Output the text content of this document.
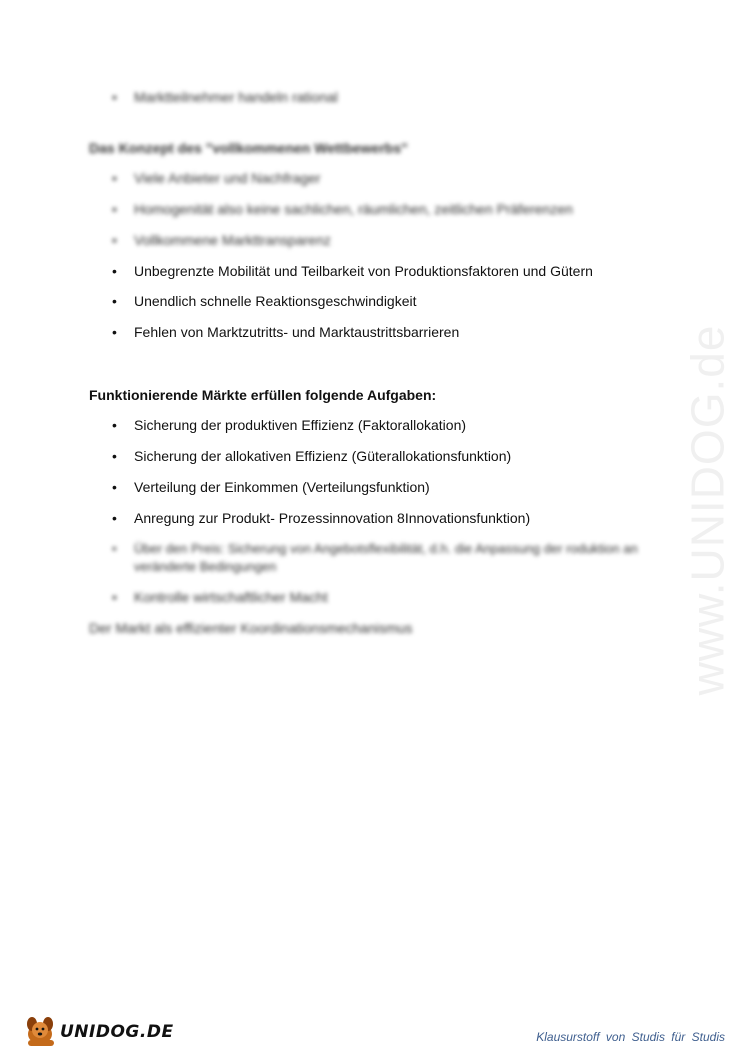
•	Marktteilnehmer handeln rational
Das Konzept des "vollkommenen Wettbewerbs"
•	Viele Anbieter und Nachfrager
•	Homogenität also keine sachlichen, räumlichen, zeitlichen Präferenzen
•	Vollkommene Markttransparenz
•	Unbegrenzte Mobilität und Teilbarkeit von Produktionsfaktoren und Gütern
•	Unendlich schnelle Reaktionsgeschwindigkeit
•	Fehlen von Marktzutritts- und Marktaustrittsbarrieren
Funktionierende Märkte erfüllen folgende Aufgaben:
•	Sicherung der produktiven Effizienz (Faktorallokation)
•	Sicherung der allokativen Effizienz (Güterallokationsfunktion)
•	Verteilung der Einkommen (Verteilungsfunktion)
•	Anregung zur Produkt- Prozessinnovation 8Innovationsfunktion)
•	Über den Preis: Sicherung von Angebotsflexibilität, d.h. die Anpassung der roduktion an veränderte Bedingungen
•	Kontrolle wirtschaftlicher Macht
Der Markt als effizienter Koordinationsmechanismus	www.UNIDOG.de
UNIDOG.DE	Klausurstoff von Studis für Studis
